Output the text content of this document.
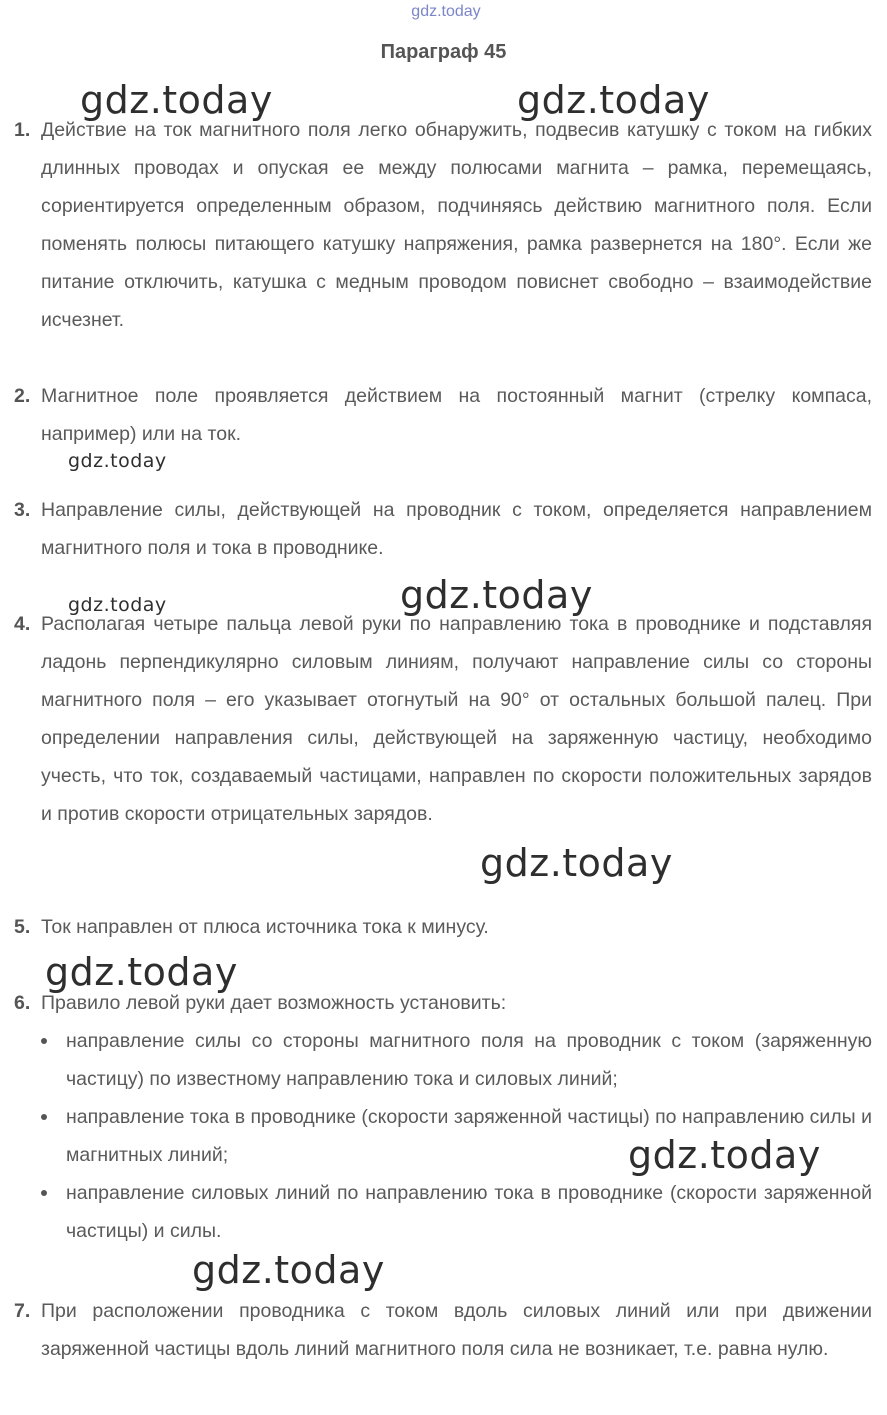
gdz.today
Параграф 45
1. Действие на ток магнитного поля легко обнаружить, подвесив катушку с током на гибких длинных проводах и опуская ее между полюсами магнита – рамка, перемещаясь, сориентируется определенным образом, подчиняясь действию магнитного поля. Если поменять полюсы питающего катушку напряжения, рамка развернется на 180°. Если же питание отключить, катушка с медным проводом повиснет свободно – взаимодействие исчезнет.
2. Магнитное поле проявляется действием на постоянный магнит (стрелку компаса, например) или на ток.
3. Направление силы, действующей на проводник с током, определяется направлением магнитного поля и тока в проводнике.
4. Располагая четыре пальца левой руки по направлению тока в проводнике и подставляя ладонь перпендикулярно силовым линиям, получают направление силы со стороны магнитного поля – его указывает отогнутый на 90° от остальных большой палец. При определении направления силы, действующей на заряженную частицу, необходимо учесть, что ток, создаваемый частицами, направлен по скорости положительных зарядов и против скорости отрицательных зарядов.
5. Ток направлен от плюса источника тока к минусу.
6. Правило левой руки дает возможность установить:
направление силы со стороны магнитного поля на проводник с током (заряженную частицу) по известному направлению тока и силовых линий;
направление тока в проводнике (скорости заряженной частицы) по направлению силы и магнитных линий;
направление силовых линий по направлению тока в проводнике (скорости заряженной частицы) и силы.
7. При расположении проводника с током вдоль силовых линий или при движении заряженной частицы вдоль линий магнитного поля сила не возникает, т.е. равна нулю.
gdz.today	gdz.today
gdz.today
gdz.today	gdz.today
gdz.today
gdz.today
gdz.today
gdz.today
